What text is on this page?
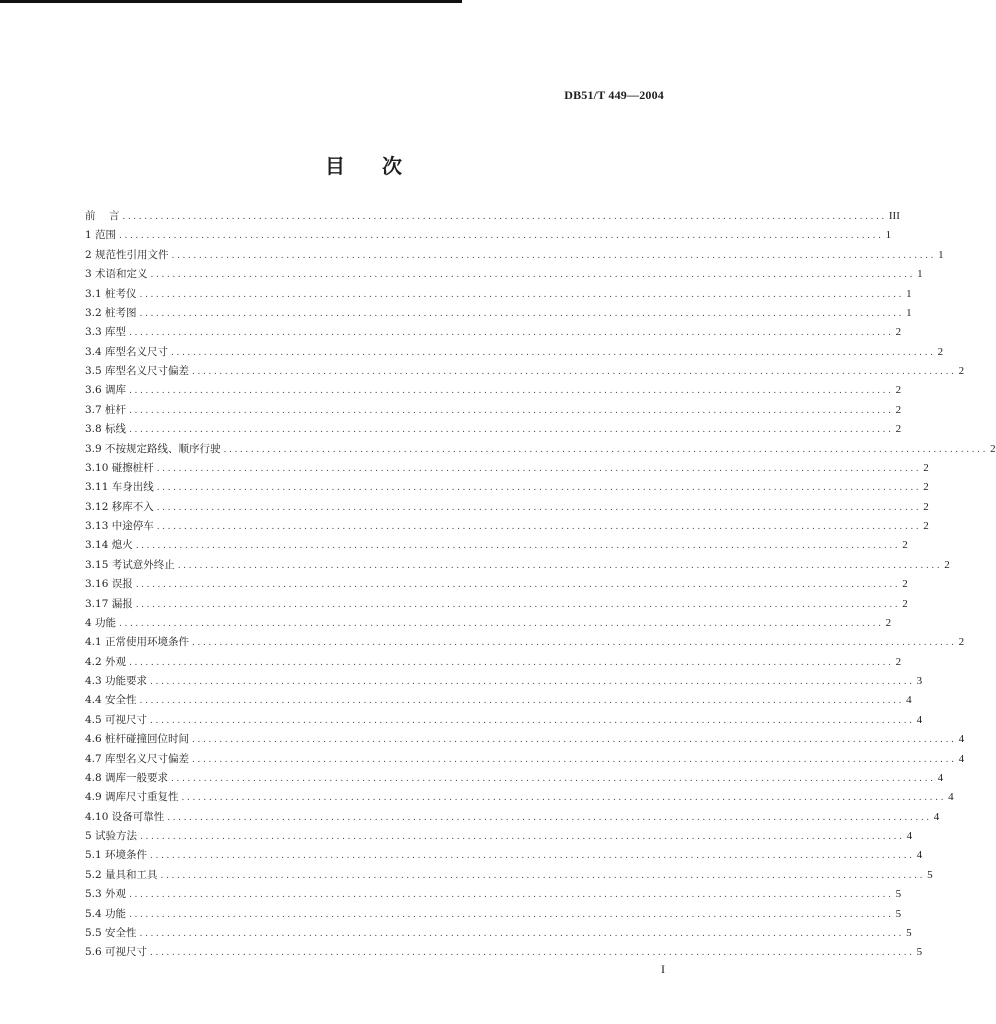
DB51/T 449—2004
目 次
前    言 ............................................................................................................................................ III
1 范围 ............................................................................................................................................ 1
2 规范性引用文件 ............................................................................................................................................ 1
3 术语和定义 ............................................................................................................................................ 1
3.1 桩考仪 ............................................................................................................................................ 1
3.2 桩考图 ............................................................................................................................................ 1
3.3 库型 ............................................................................................................................................ 2
3.4 库型名义尺寸 ............................................................................................................................................ 2
3.5 库型名义尺寸偏差 ............................................................................................................................................ 2
3.6 调库 ............................................................................................................................................ 2
3.7 桩杆 ............................................................................................................................................ 2
3.8 标线 ............................................................................................................................................ 2
3.9 不按规定路线、顺序行驶 ............................................................................................................................................ 2
3.10 碰擦桩杆 ............................................................................................................................................ 2
3.11 车身出线 ............................................................................................................................................ 2
3.12 移库不入 ............................................................................................................................................ 2
3.13 中途停车 ............................................................................................................................................ 2
3.14 熄火 ............................................................................................................................................ 2
3.15 考试意外终止 ............................................................................................................................................ 2
3.16 误报 ............................................................................................................................................ 2
3.17 漏报 ............................................................................................................................................ 2
4 功能 ............................................................................................................................................ 2
4.1 正常使用环境条件 ............................................................................................................................................ 2
4.2 外观 ............................................................................................................................................ 2
4.3 功能要求 ............................................................................................................................................ 3
4.4 安全性 ............................................................................................................................................ 4
4.5 可视尺寸 ............................................................................................................................................ 4
4.6 桩杆碰撞回位时间 ............................................................................................................................................ 4
4.7 库型名义尺寸偏差 ............................................................................................................................................ 4
4.8 调库一般要求 ............................................................................................................................................ 4
4.9 调库尺寸重复性 ............................................................................................................................................ 4
4.10 设备可靠性 ............................................................................................................................................ 4
5 试验方法 ............................................................................................................................................ 4
5.1 环境条件 ............................................................................................................................................ 4
5.2 量具和工具 ............................................................................................................................................ 5
5.3 外观 ............................................................................................................................................ 5
5.4 功能 ............................................................................................................................................ 5
5.5 安全性 ............................................................................................................................................ 5
5.6 可视尺寸 ............................................................................................................................................ 5
I
